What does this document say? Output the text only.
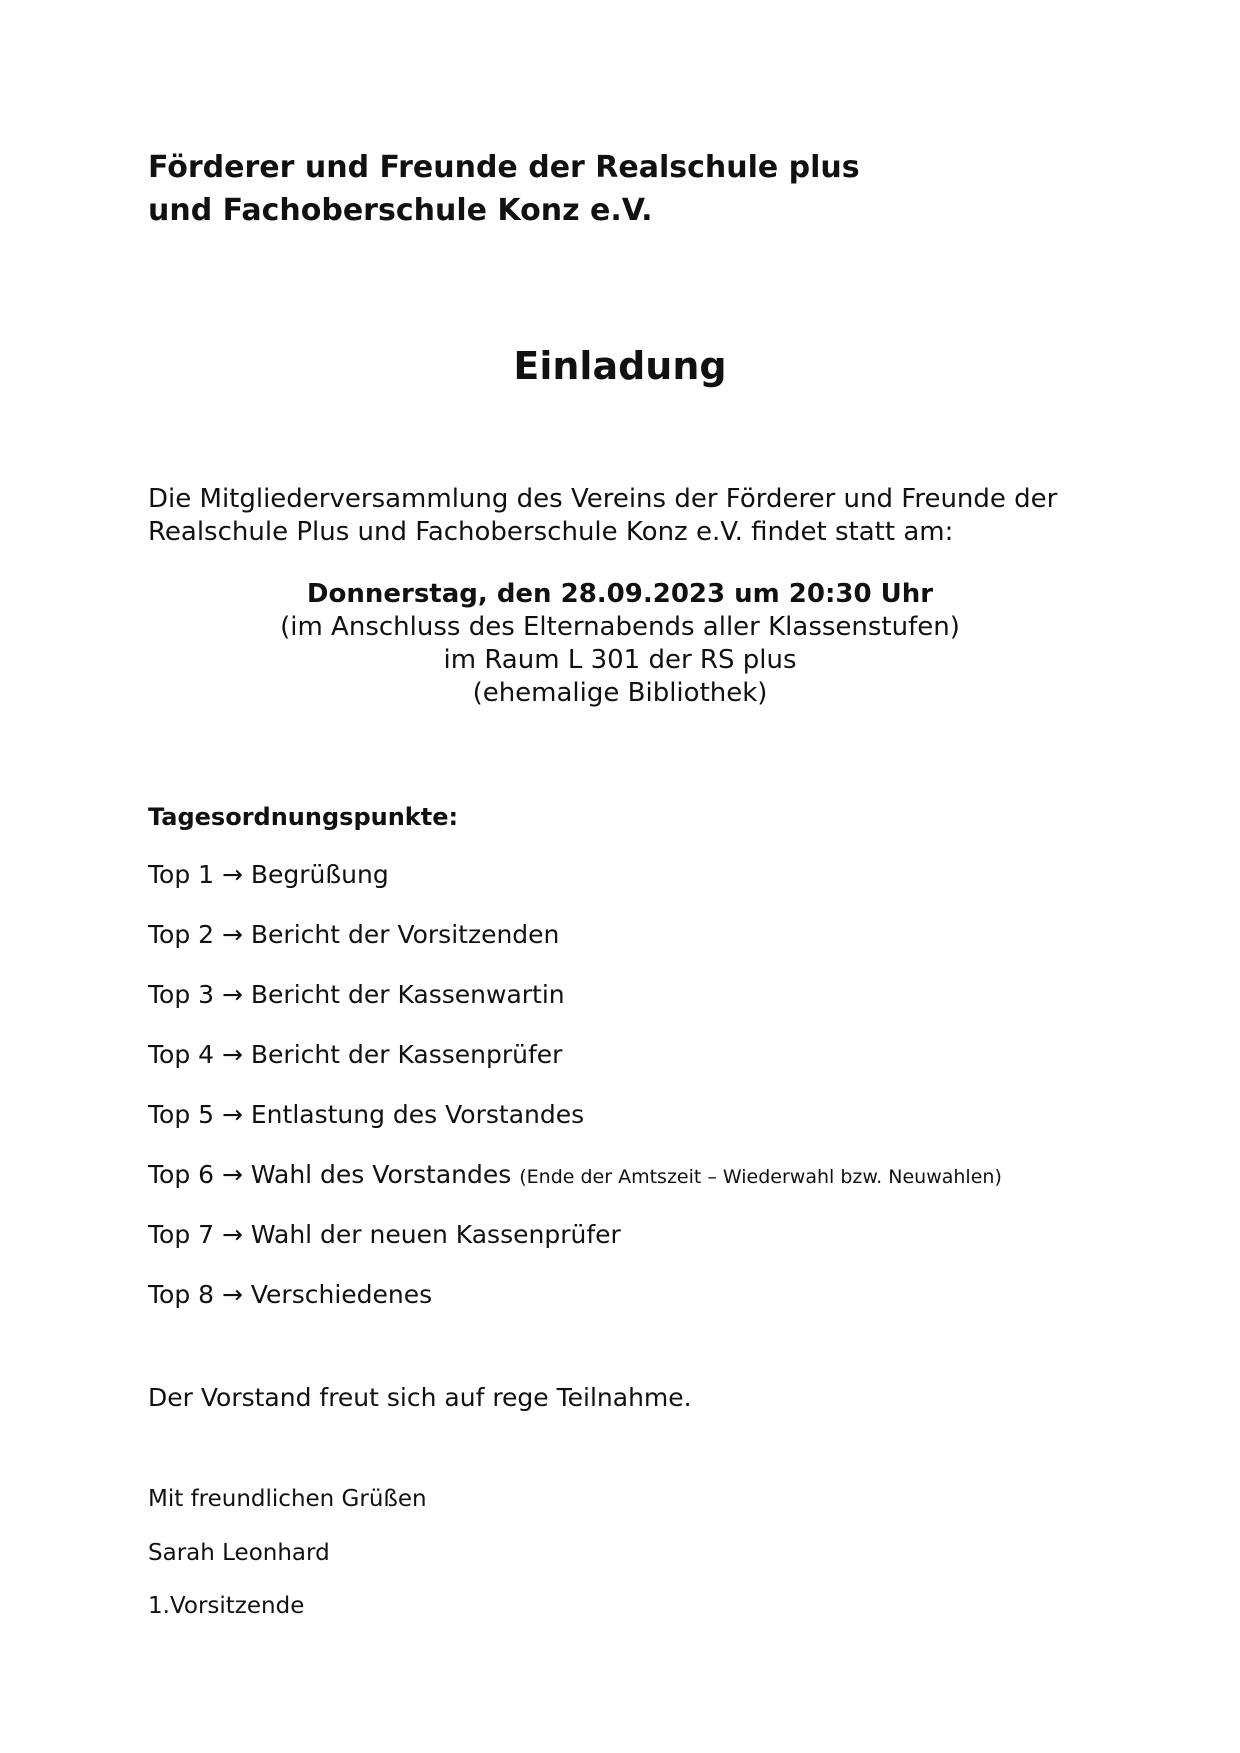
Förderer und Freunde der Realschule plus
und Fachoberschule Konz e.V.
Einladung

Die Mitgliederversammlung des Vereins der Förderer und Freunde der
Realschule Plus und Fachoberschule Konz e.V. findet statt am:

Donnerstag, den 28.09.2023 um 20:30 Uhr
(im Anschluss des Elternabends aller Klassenstufen)
im Raum L 301 der RS plus
(ehemalige Bibliothek)
Tagesordnungspunkte:
Top 1 → Begrüßung
Top 2 → Bericht der Vorsitzenden
Top 3 → Bericht der Kassenwartin
Top 4 → Bericht der Kassenprüfer
Top 5 → Entlastung des Vorstandes
Top 6 → Wahl des Vorstandes (Ende der Amtszeit – Wiederwahl bzw. Neuwahlen)
Top 7 → Wahl der neuen Kassenprüfer
Top 8 → Verschiedenes

Der Vorstand freut sich auf rege Teilnahme.

Mit freundlichen Grüßen

Sarah Leonhard

1.Vorsitzende
